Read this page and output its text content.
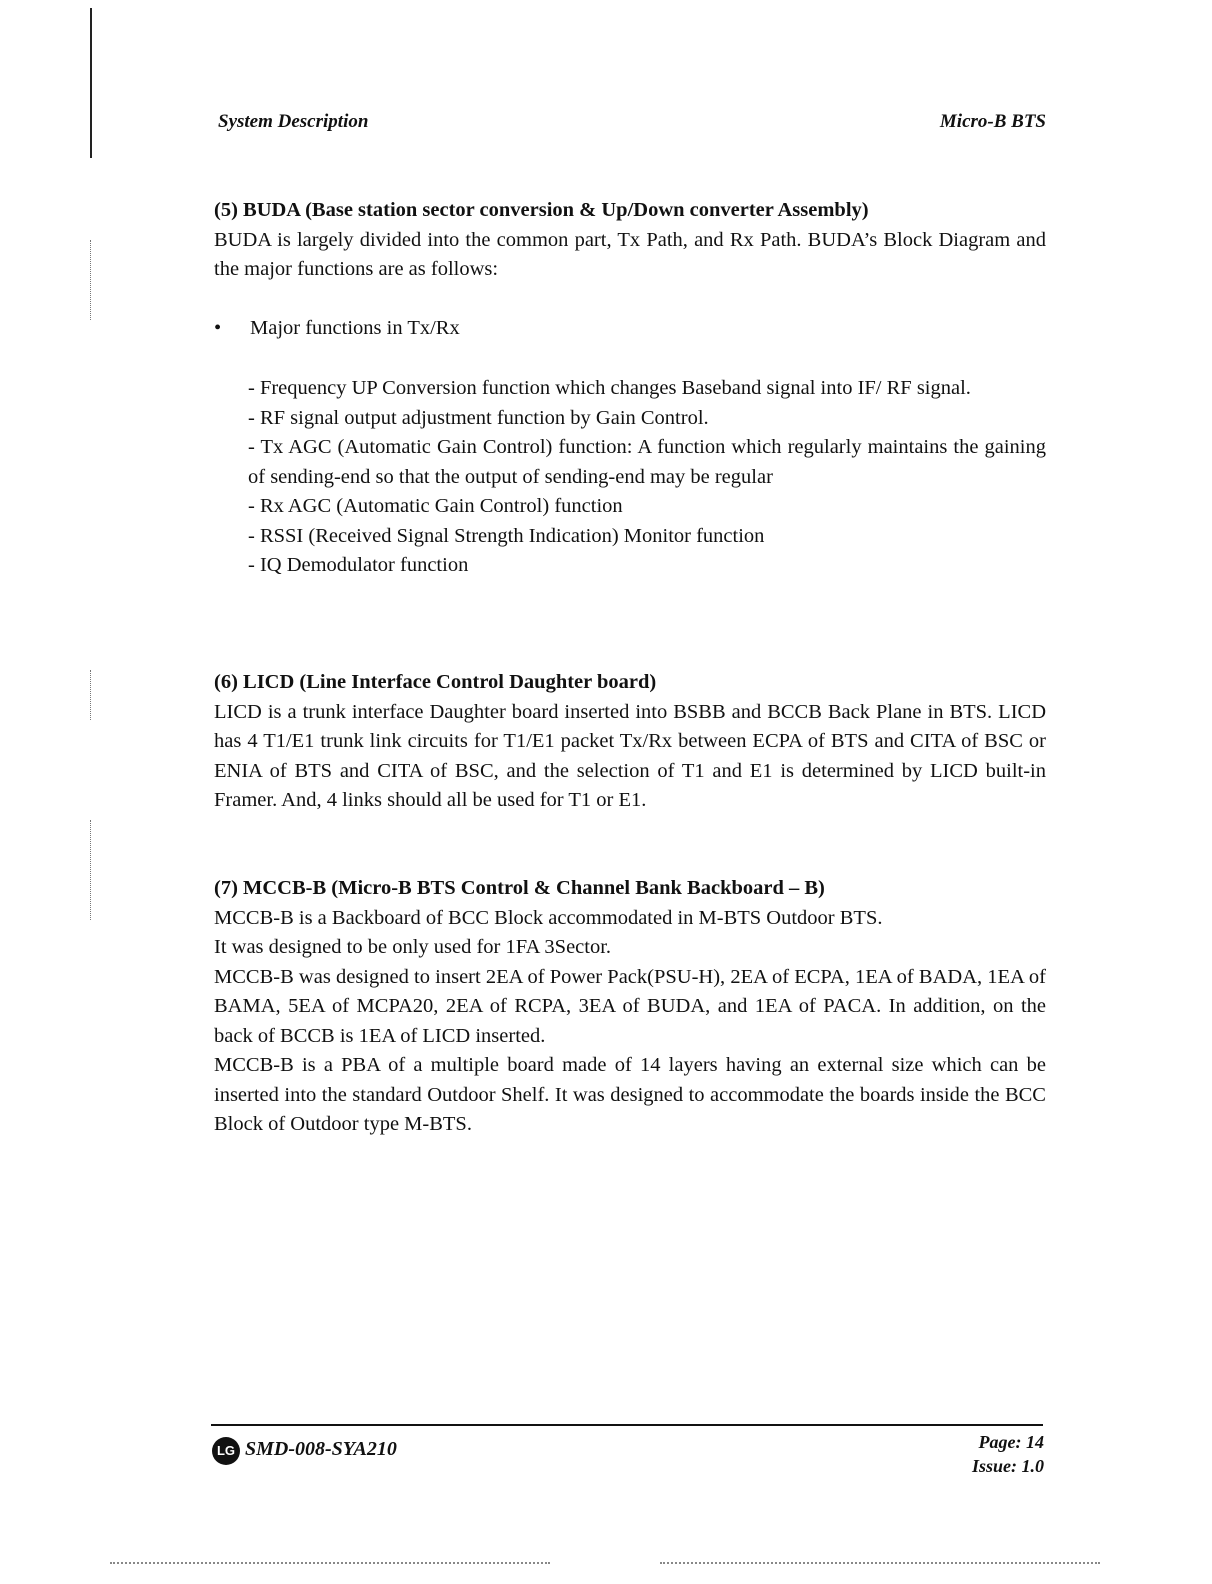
System Description	Micro-B BTS

(5) BUDA (Base station sector conversion & Up/Down converter Assembly)

BUDA is largely divided into the common part, Tx Path, and Rx Path. BUDA’s Block Diagram and the major functions are as follows:

• Major functions in Tx/Rx
- Frequency UP Conversion function which changes Baseband signal into IF/ RF signal.
- RF signal output adjustment function by Gain Control.
- Tx AGC (Automatic Gain Control) function: A function which regularly maintains the gaining of sending-end so that the output of sending-end may be regular
- Rx AGC (Automatic Gain Control) function
- RSSI (Received Signal Strength Indication) Monitor function
- IQ Demodulator function

(6) LICD (Line Interface Control Daughter board)

LICD is a trunk interface Daughter board inserted into BSBB and BCCB Back Plane in BTS. LICD has 4 T1/E1 trunk link circuits for T1/E1 packet Tx/Rx between ECPA of BTS and CITA of BSC or ENIA of BTS and CITA of BSC, and the selection of T1 and E1 is determined by LICD built-in Framer. And, 4 links should all be used for T1 or E1.

(7) MCCB-B (Micro-B BTS Control & Channel Bank Backboard – B)

MCCB-B is a Backboard of BCC Block accommodated in M-BTS Outdoor BTS.

It was designed to be only used for 1FA 3Sector.

MCCB-B was designed to insert 2EA of Power Pack(PSU-H), 2EA of ECPA, 1EA of BADA, 1EA of BAMA, 5EA of MCPA20, 2EA of RCPA, 3EA of BUDA, and 1EA of PACA. In addition, on the back of BCCB is 1EA of LICD inserted.

MCCB-B is a PBA of a multiple board made of 14 layers having an external size which can be inserted into the standard Outdoor Shelf. It was designed to accommodate the boards inside the BCC Block of Outdoor type M-BTS.

LG SMD-008-SYA210	Page: 14
Issue: 1.0
